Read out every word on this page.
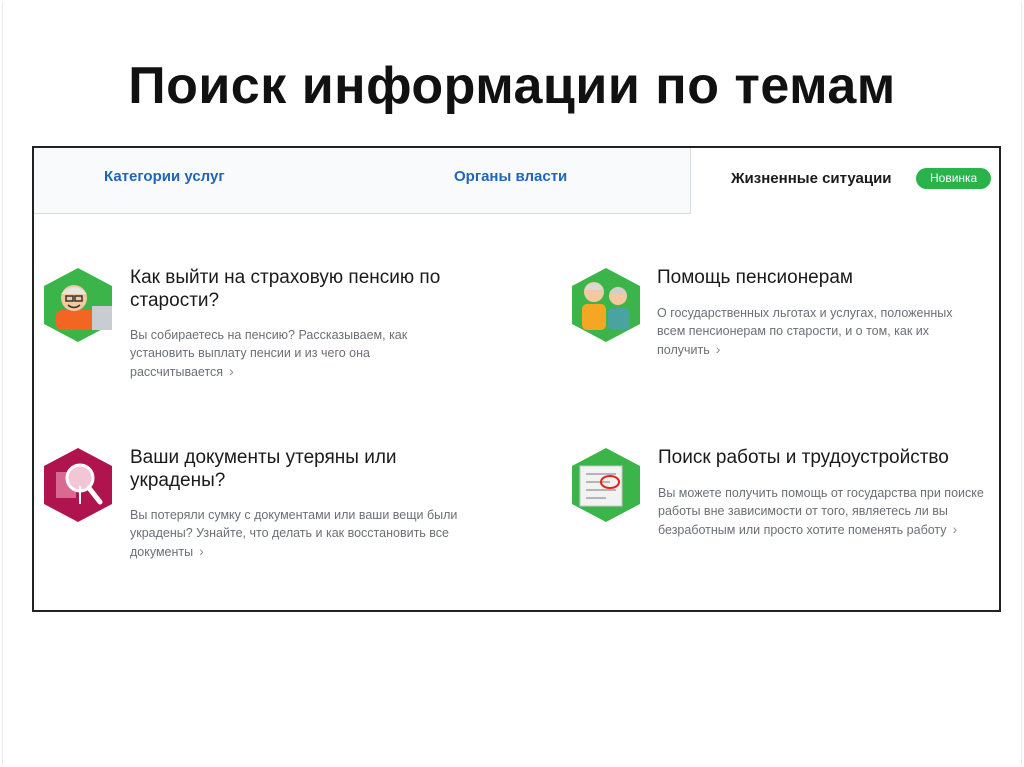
Поиск информации по темам
Категории услуг	Органы власти	Жизненные ситуации	Новинка
Как выйти на страховую пенсию по старости?
Вы собираетесь на пенсию? Рассказываем, как установить выплату пенсии и из чего она рассчитывается ›
Помощь пенсионерам
О государственных льготах и услугах, положенных всем пенсионерам по старости, и о том, как их получить ›
Ваши документы утеряны или украдены?
Вы потеряли сумку с документами или ваши вещи были украдены? Узнайте, что делать и как восстановить все документы ›
Поиск работы и трудоустройство
Вы можете получить помощь от государства при поиске работы вне зависимости от того, являетесь ли вы безработным или просто хотите поменять работу ›
